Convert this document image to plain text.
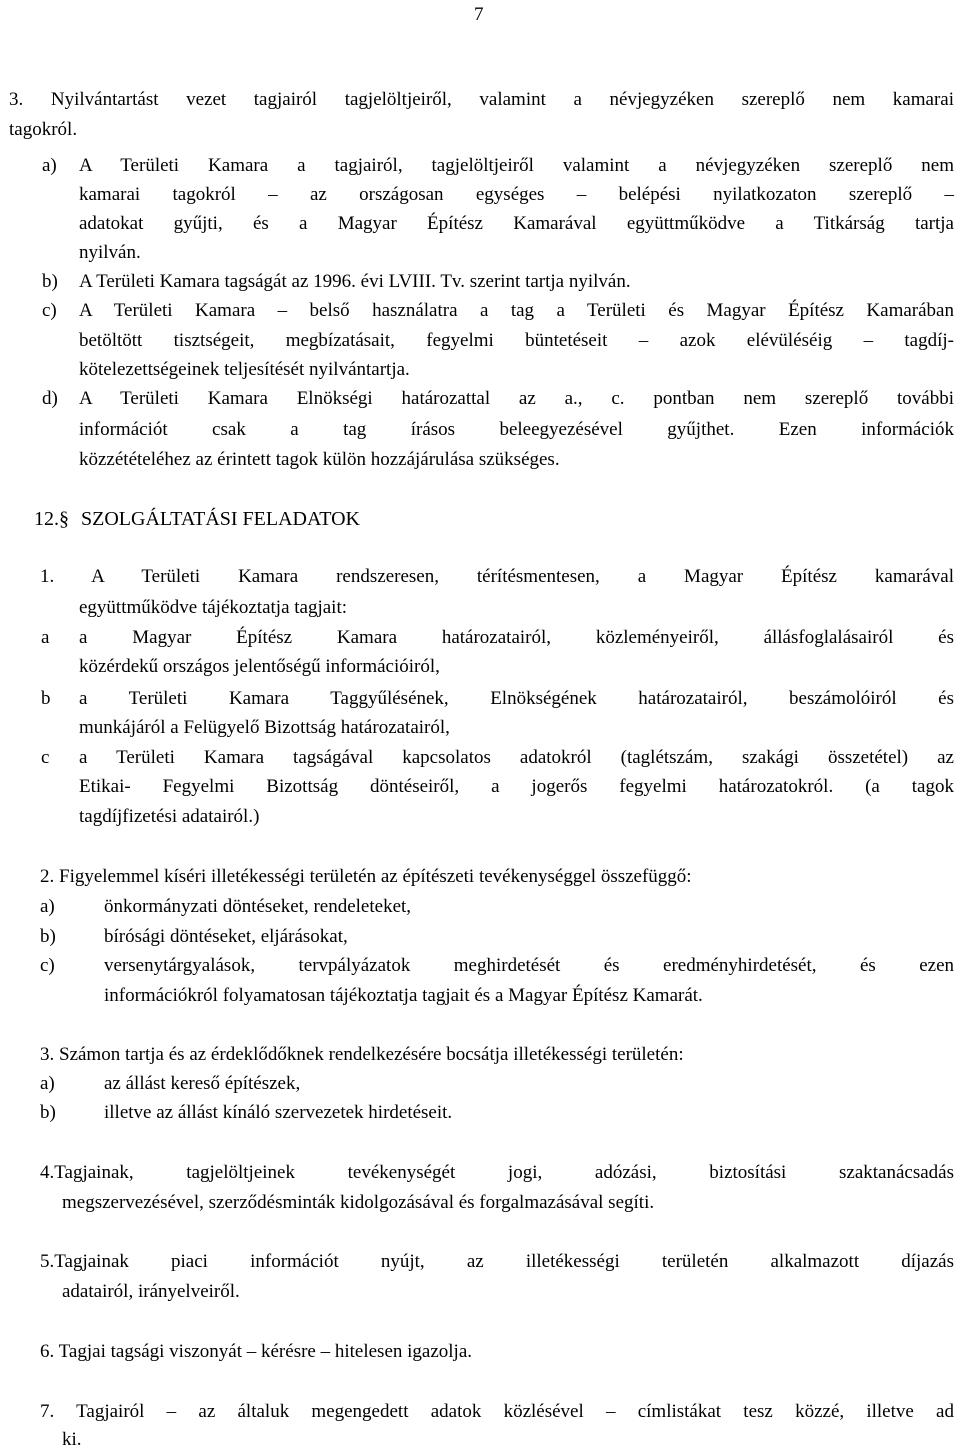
7
3. Nyilvántartást vezet tagjairól tagjelöltjeiről, valamint a névjegyzéken szereplő nem kamarai
tagokról.
a) A Területi Kamara a tagjairól, tagjelöltjeiről valamint a névjegyzéken szereplő nem
kamarai tagokról – az országosan egységes – belépési nyilatkozaton szereplő –
adatokat gyűjti, és a Magyar Építész Kamarával együttműködve a Titkárság tartja
nyilván.
b) A Területi Kamara tagságát az 1996. évi LVIII. Tv. szerint tartja nyilván.
c) A Területi Kamara – belső használatra a tag a Területi és Magyar Építész Kamarában
betöltött tisztségeit, megbízatásait, fegyelmi büntetéseit – azok elévüléséig – tagdíj-
kötelezettségeinek teljesítését nyilvántartja.
d) A Területi Kamara Elnökségi határozattal az a., c. pontban nem szereplő további
információt csak a tag írásos beleegyezésével gyűjthet. Ezen információk
közzétételéhez az érintett tagok külön hozzájárulása szükséges.
12.§ SZOLGÁLTATÁSI FELADATOK
1. A Területi Kamara rendszeresen, térítésmentesen, a Magyar Építész kamarával
együttműködve tájékoztatja tagjait:
a a Magyar Építész Kamara határozatairól, közleményeiről, állásfoglalásairól és
közérdekű országos jelentőségű információiról,
b a Területi Kamara Taggyűlésének, Elnökségének határozatairól, beszámolóiról és
munkájáról a Felügyelő Bizottság határozatairól,
c a Területi Kamara tagságával kapcsolatos adatokról (taglétszám, szakági összetétel) az
Etikai- Fegyelmi Bizottság döntéseiről, a jogerős fegyelmi határozatokról. (a tagok
tagdíjfizetési adatairól.)
2. Figyelemmel kíséri illetékességi területén az építészeti tevékenységgel összefüggő:
a)	önkormányzati döntéseket, rendeleteket,
b)	bírósági döntéseket, eljárásokat,
c)	versenytárgyalások, tervpályázatok meghirdetését és eredményhirdetését, és ezen
információkról folyamatosan tájékoztatja tagjait és a Magyar Építész Kamarát.
3. Számon tartja és az érdeklődőknek rendelkezésére bocsátja illetékességi területén:
a)	az állást kereső építészek,
b)	illetve az állást kínáló szervezetek hirdetéseit.
4.Tagjainak, tagjelöltjeinek tevékenységét jogi, adózási, biztosítási szaktanácsadás
megszervezésével, szerződésminták kidolgozásával és forgalmazásával segíti.
5.Tagjainak piaci információt nyújt, az illetékességi területén alkalmazott díjazás
adatairól, irányelveiről.
6. Tagjai tagsági viszonyát – kérésre – hitelesen igazolja.
7. Tagjairól – az általuk megengedett adatok közlésével – címlistákat tesz közzé, illetve ad
ki.
